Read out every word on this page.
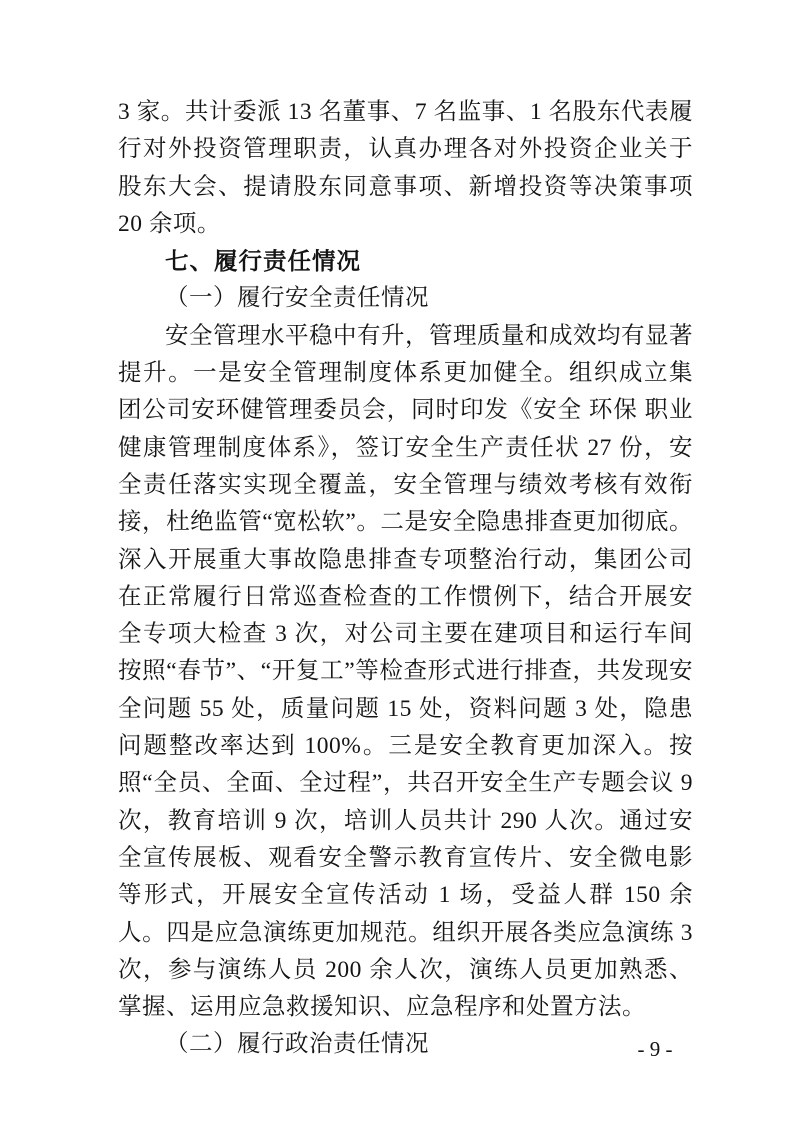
3 家。共计委派 13 名董事、7 名监事、1 名股东代表履行对外投资管理职责，认真办理各对外投资企业关于股东大会、提请股东同意事项、新增投资等决策事项 20 余项。

七、履行责任情况

（一）履行安全责任情况

安全管理水平稳中有升，管理质量和成效均有显著提升。一是安全管理制度体系更加健全。组织成立集团公司安环健管理委员会，同时印发《安全 环保 职业健康管理制度体系》，签订安全生产责任状 27 份，安全责任落实实现全覆盖，安全管理与绩效考核有效衔接，杜绝监管“宽松软”。二是安全隐患排查更加彻底。深入开展重大事故隐患排查专项整治行动，集团公司在正常履行日常巡查检查的工作惯例下，结合开展安全专项大检查 3 次，对公司主要在建项目和运行车间按照“春节”、“开复工”等检查形式进行排查，共发现安全问题 55 处，质量问题 15 处，资料问题 3 处，隐患问题整改率达到 100%。三是安全教育更加深入。按照“全员、全面、全过程”，共召开安全生产专题会议 9 次，教育培训 9 次，培训人员共计 290 人次。通过安全宣传展板、观看安全警示教育宣传片、安全微电影等形式，开展安全宣传活动 1 场，受益人群 150 余人。四是应急演练更加规范。组织开展各类应急演练 3 次，参与演练人员 200 余人次，演练人员更加熟悉、掌握、运用应急救援知识、应急程序和处置方法。

（二）履行政治责任情况	- 9 -
